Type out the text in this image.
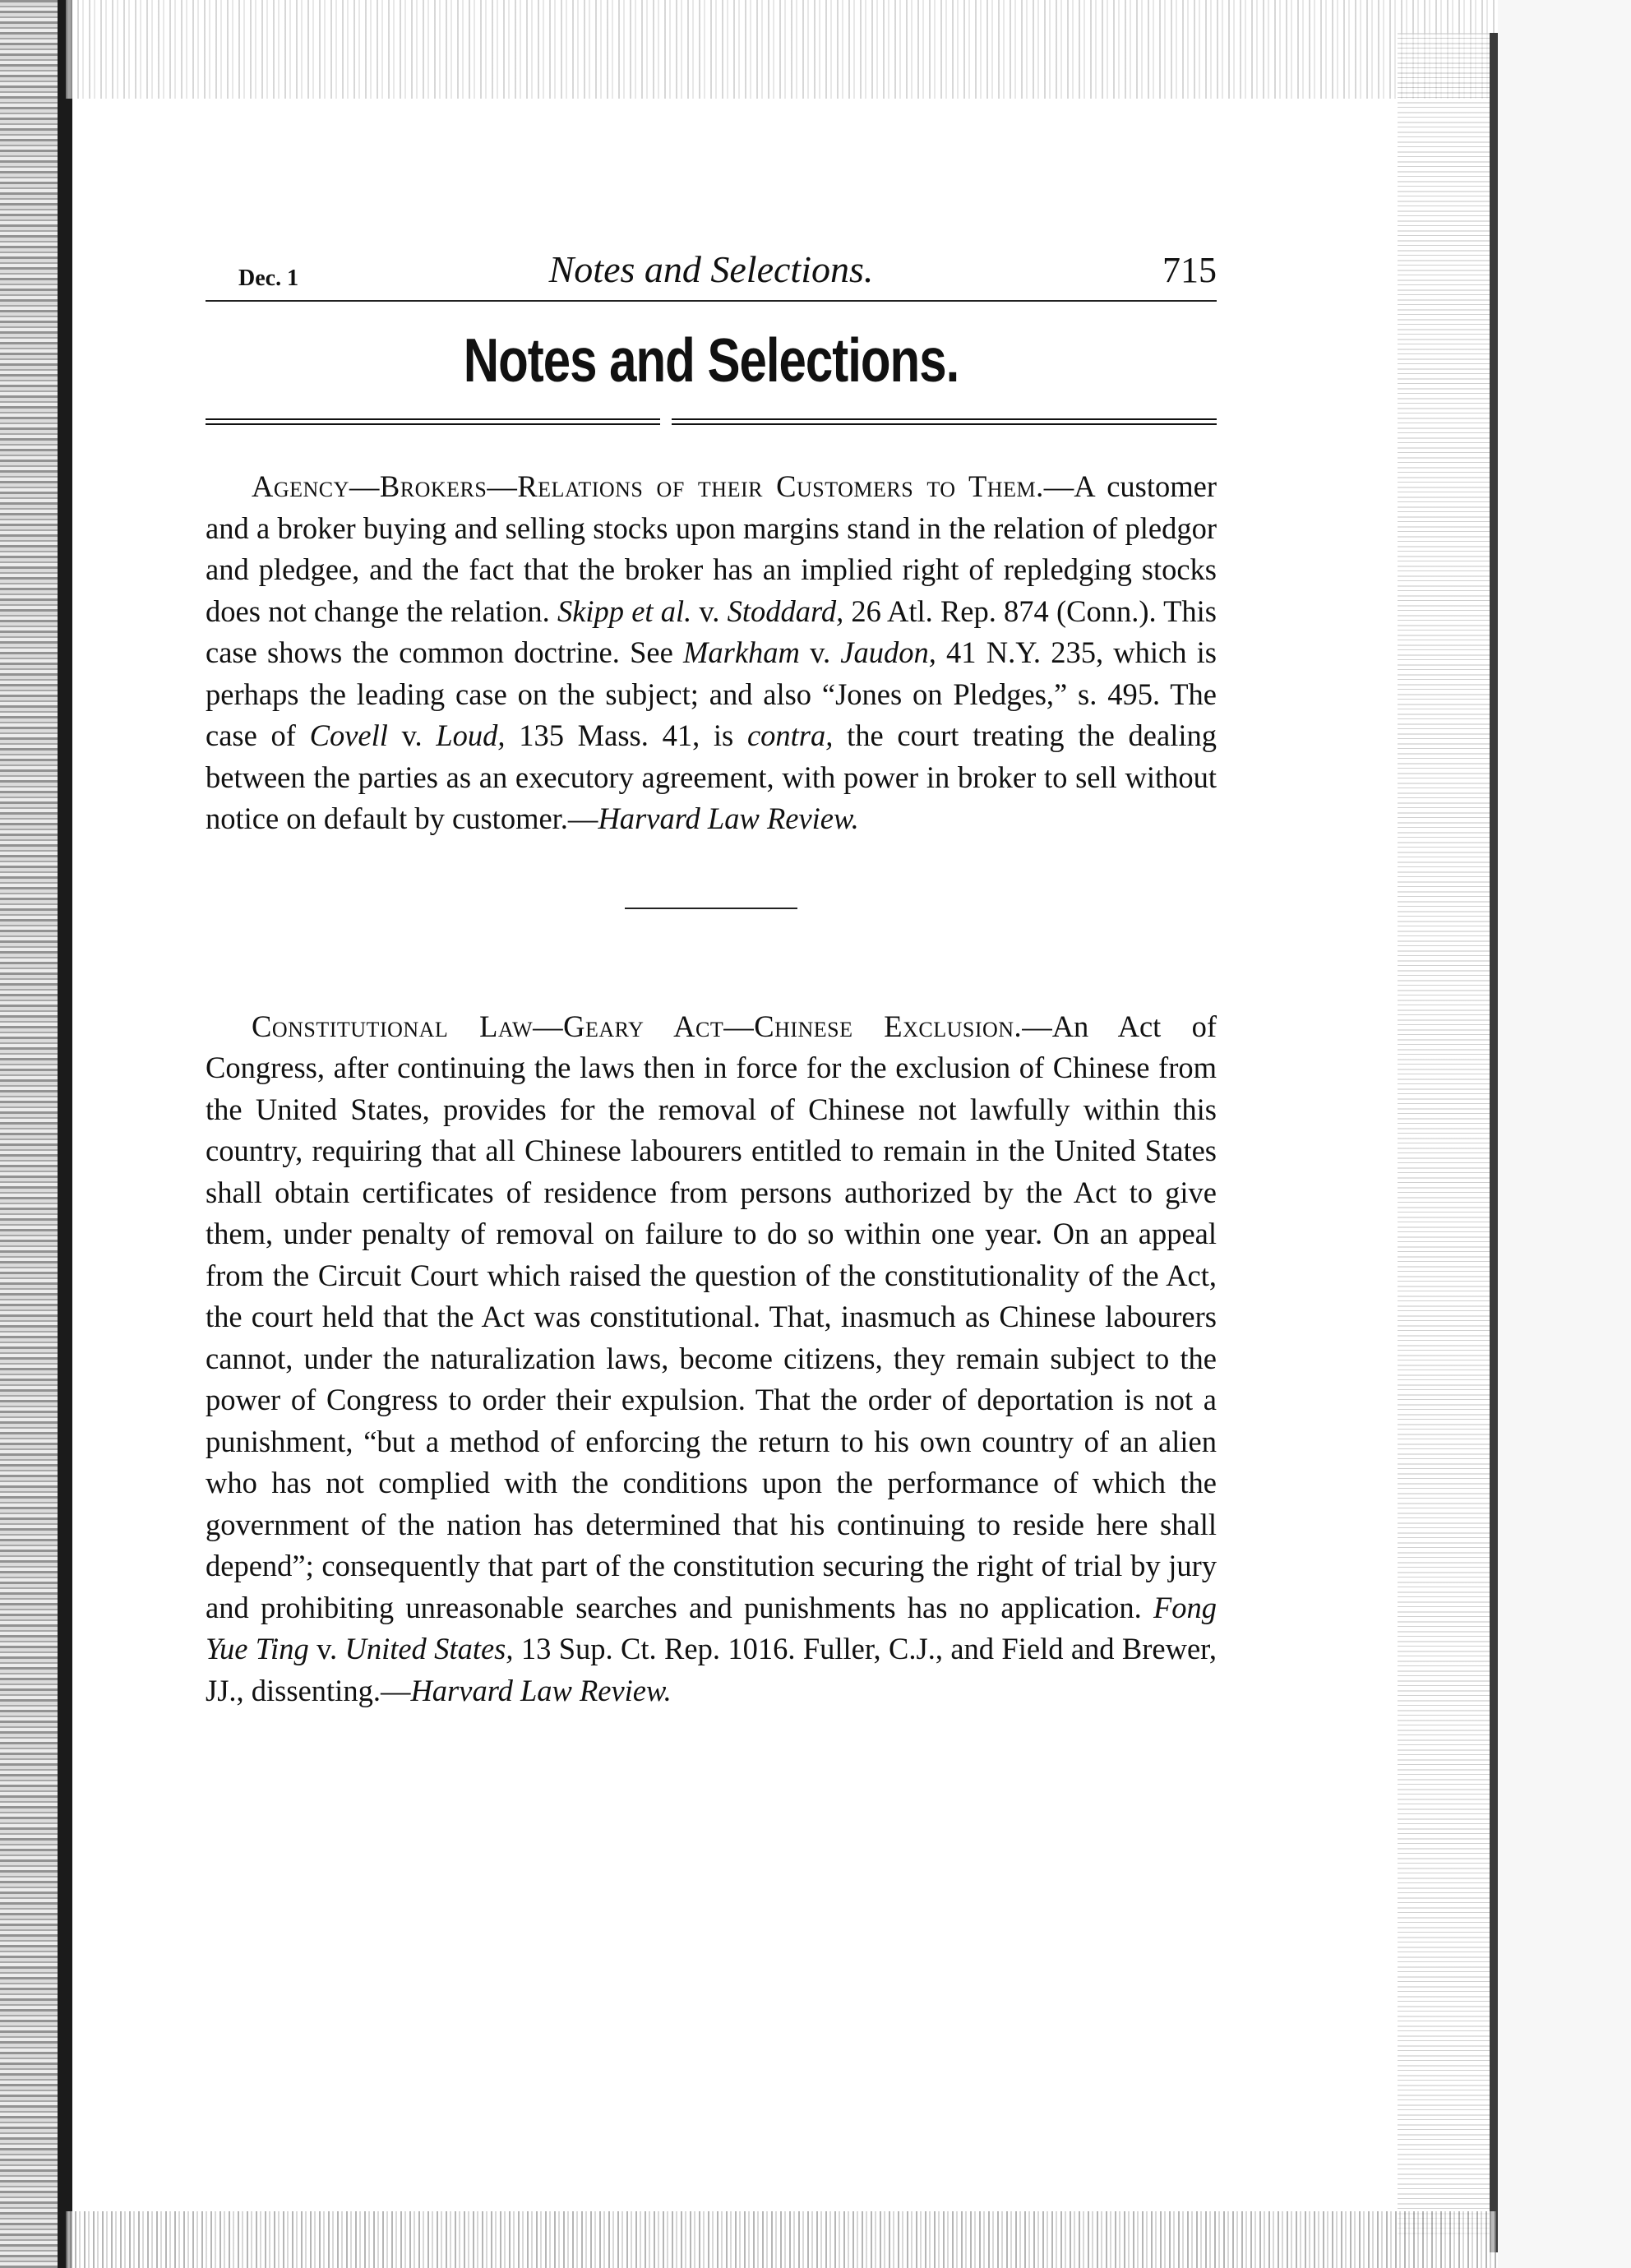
Dec. 1	Notes and Selections.	715
Notes and Selections.

Agency—Brokers—Relations of their Customers to Them.—A customer and a broker buying and selling stocks upon margins stand in the relation of pledgor and pledgee, and the fact that the broker has an implied right of repledging stocks does not change the relation. Skipp et al. v. Stoddard, 26 Atl. Rep. 874 (Conn.). This case shows the common doctrine. See Markham v. Jaudon, 41 N.Y. 235, which is perhaps the leading case on the subject; and also “Jones on Pledges,” s. 495. The case of Covell v. Loud, 135 Mass. 41, is contra, the court treating the dealing between the parties as an executory agreement, with power in broker to sell without notice on default by customer.—Harvard Law Review.

Constitutional Law—Geary Act—Chinese Exclusion.—An Act of Congress, after continuing the laws then in force for the exclusion of Chinese from the United States, provides for the removal of Chinese not lawfully within this country, requiring that all Chinese labourers entitled to remain in the United States shall obtain certificates of residence from persons authorized by the Act to give them, under penalty of removal on failure to do so within one year. On an appeal from the Circuit Court which raised the question of the constitutionality of the Act, the court held that the Act was constitutional. That, inasmuch as Chinese labourers cannot, under the naturalization laws, become citizens, they remain subject to the power of Congress to order their expulsion. That the order of deportation is not a punishment, “but a method of enforcing the return to his own country of an alien who has not complied with the conditions upon the performance of which the government of the nation has determined that his continuing to reside here shall depend”; consequently that part of the constitution securing the right of trial by jury and prohibiting unreasonable searches and punishments has no application. Fong Yue Ting v. United States, 13 Sup. Ct. Rep. 1016. Fuller, C.J., and Field and Brewer, JJ., dissenting.—Harvard Law Review.
